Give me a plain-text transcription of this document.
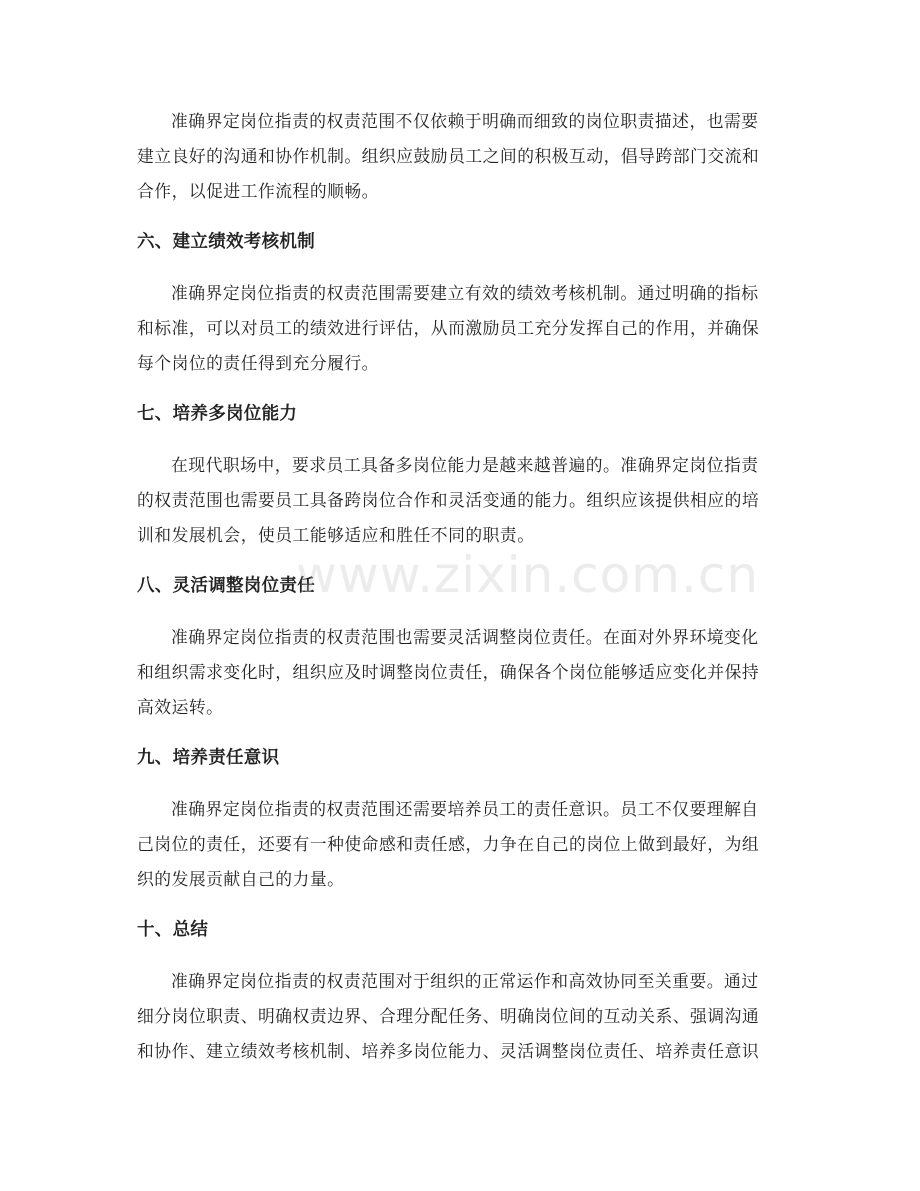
准确界定岗位指责的权责范围不仅依赖于明确而细致的岗位职责描述，也需要
建立良好的沟通和协作机制。组织应鼓励员工之间的积极互动，倡导跨部门交流和
合作，以促进工作流程的顺畅。

六、建立绩效考核机制

准确界定岗位指责的权责范围需要建立有效的绩效考核机制。通过明确的指标
和标准，可以对员工的绩效进行评估，从而激励员工充分发挥自己的作用，并确保
每个岗位的责任得到充分履行。

七、培养多岗位能力

在现代职场中，要求员工具备多岗位能力是越来越普遍的。准确界定岗位指责
的权责范围也需要员工具备跨岗位合作和灵活变通的能力。组织应该提供相应的培
训和发展机会，使员工能够适应和胜任不同的职责。

八、灵活调整岗位责任

准确界定岗位指责的权责范围也需要灵活调整岗位责任。在面对外界环境变化
和组织需求变化时，组织应及时调整岗位责任，确保各个岗位能够适应变化并保持
高效运转。

九、培养责任意识

准确界定岗位指责的权责范围还需要培养员工的责任意识。员工不仅要理解自
己岗位的责任，还要有一种使命感和责任感，力争在自己的岗位上做到最好，为组
织的发展贡献自己的力量。

十、总结

准确界定岗位指责的权责范围对于组织的正常运作和高效协同至关重要。通过
细分岗位职责、明确权责边界、合理分配任务、明确岗位间的互动关系、强调沟通
和协作、建立绩效考核机制、培养多岗位能力、灵活调整岗位责任、培养责任意识

www.zixin.com.cn
